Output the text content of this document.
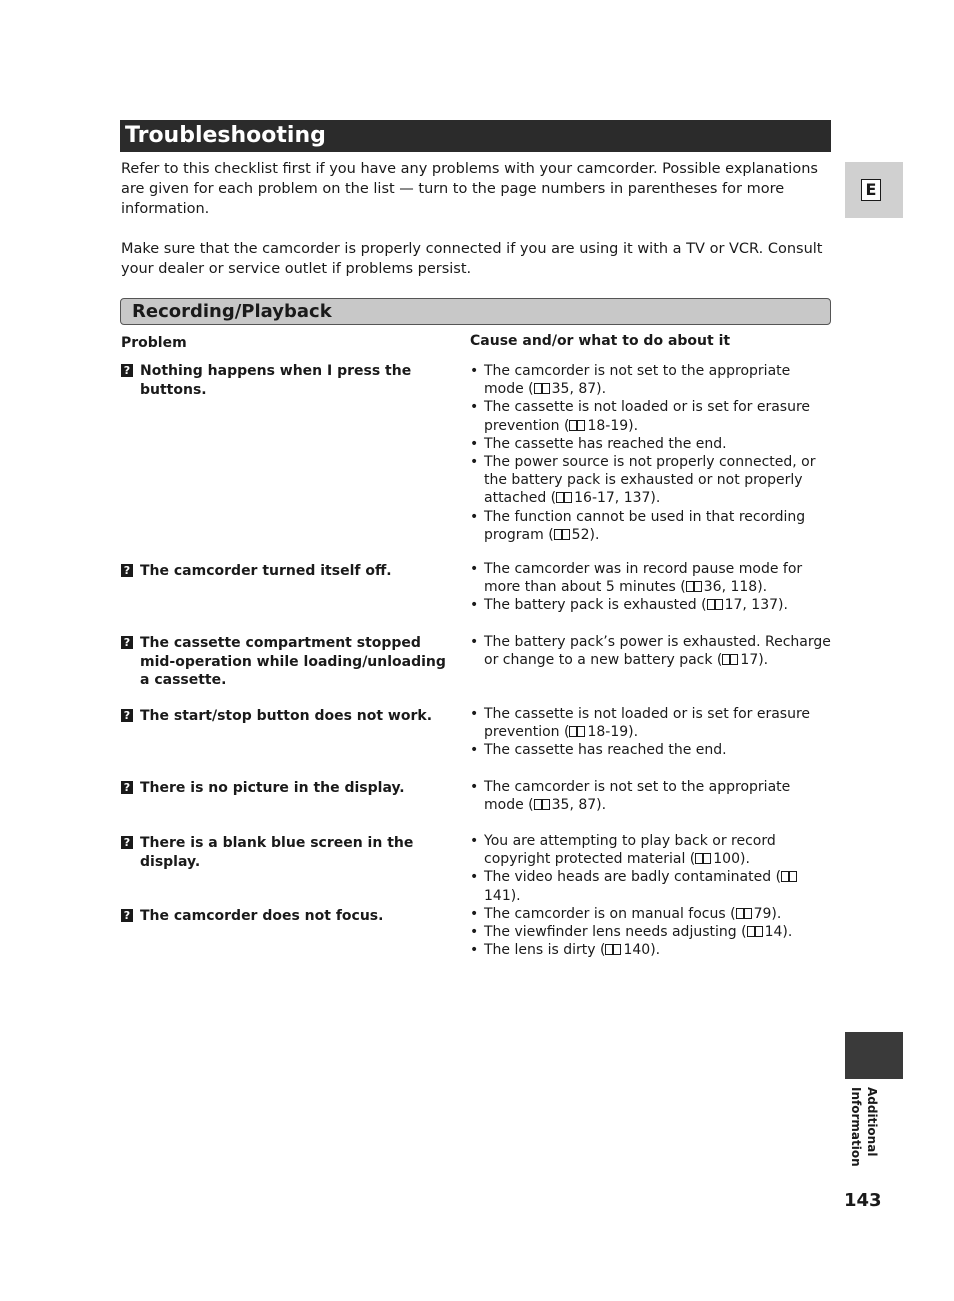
Troubleshooting

Refer to this checklist first if you have any problems with your camcorder. Possible explanations are given for each problem on the list — turn to the page numbers in parentheses for more information.

Make sure that the camcorder is properly connected if you are using it with a TV or VCR. Consult your dealer or service outlet if problems persist.

Recording/Playback
Problem	Cause and/or what to do about it
? Nothing happens when I press the buttons.
• The camcorder is not set to the appropriate mode ( 35, 87).
• The cassette is not loaded or is set for erasure prevention ( 18-19).
• The cassette has reached the end.
• The power source is not properly connected, or the battery pack is exhausted or not properly attached ( 16-17, 137).
• The function cannot be used in that recording program ( 52).
? The camcorder turned itself off.	• The camcorder was in record pause mode for more than about 5 minutes ( 36, 118).
• The battery pack is exhausted ( 17, 137).
? The cassette compartment stopped mid-operation while loading/unloading a cassette.
• The battery pack’s power is exhausted. Recharge or change to a new battery pack ( 17).
? The start/stop button does not work.	• The cassette is not loaded or is set for erasure prevention ( 18-19).
• The cassette has reached the end.
? There is no picture in the display.	• The camcorder is not set to the appropriate mode ( 35, 87).
? There is a blank blue screen in the display.
• You are attempting to play back or record copyright protected material ( 100).
• The video heads are badly contaminated (141).
? The camcorder does not focus.	• The camcorder is on manual focus ( 79).
• The viewfinder lens needs adjusting ( 14).
• The lens is dirty ( 140).
E
Additional Information
143
